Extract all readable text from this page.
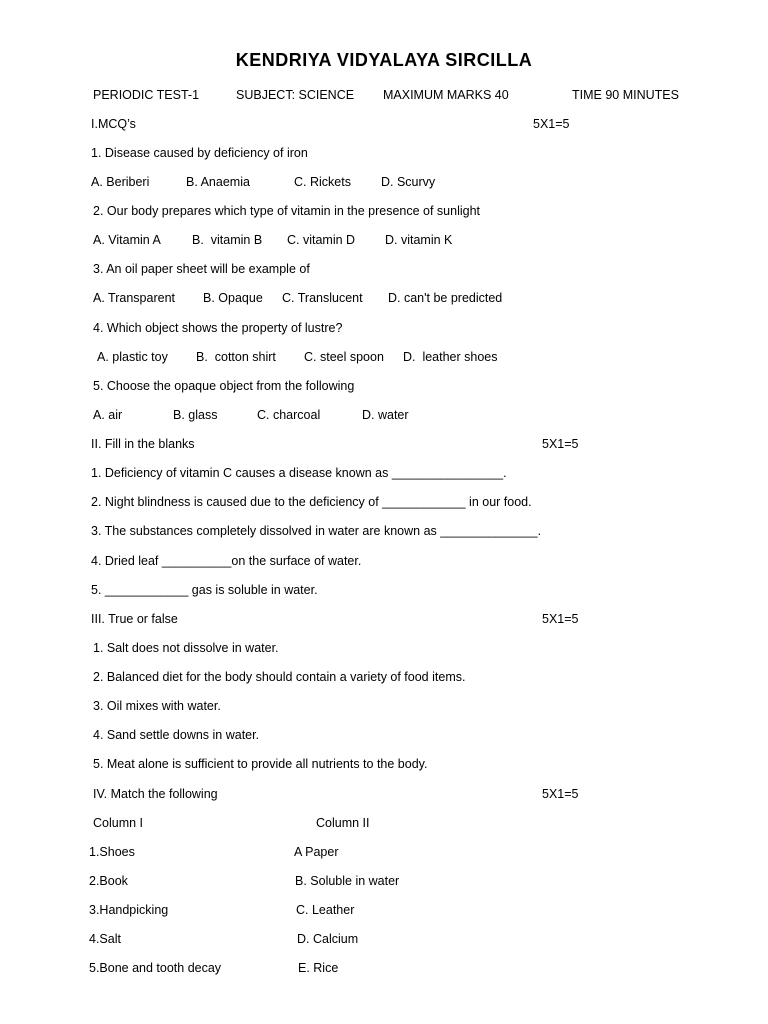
KENDRIYA VIDYALAYA SIRCILLA
PERIODIC TEST-1	SUBJECT: SCIENCE MAXIMUM MARKS 40	TIME 90 MINUTES
I.MCQ’s	5X1=5
1. Disease caused by deficiency of iron
A. Beriberi	B. Anaemia	C. Rickets D. Scurvy
2. Our body prepares which type of vitamin in the presence of sunlight
A. Vitamin A B.  vitamin B C. vitamin D D. vitamin K
3. An oil paper sheet will be example of
A. Transparent B. Opaque C. Translucent D. can't be predicted
4. Which object shows the property of lustre?
A. plastic toy B.  cotton shirt C. steel spoon D.  leather shoes
5. Choose the opaque object from the following
A. air	B. glass	C. charcoal	D. water
II. Fill in the blanks	5X1=5
1. Deficiency of vitamin C causes a disease known as ________________.
2. Night blindness is caused due to the deficiency of ____________ in our food.
3. The substances completely dissolved in water are known as ______________.
4. Dried leaf __________on the surface of water.
5. ____________ gas is soluble in water.
III. True or false	5X1=5
1. Salt does not dissolve in water.
2. Balanced diet for the body should contain a variety of food items.
3. Oil mixes with water.
4. Sand settle downs in water.
5. Meat alone is sufficient to provide all nutrients to the body.
IV. Match the following	5X1=5
Column I	Column II
1.Shoes	A Paper
2.Book	B. Soluble in water
3.Handpicking	C. Leather
4.Salt	D. Calcium
5.Bone and tooth decay	E. Rice
